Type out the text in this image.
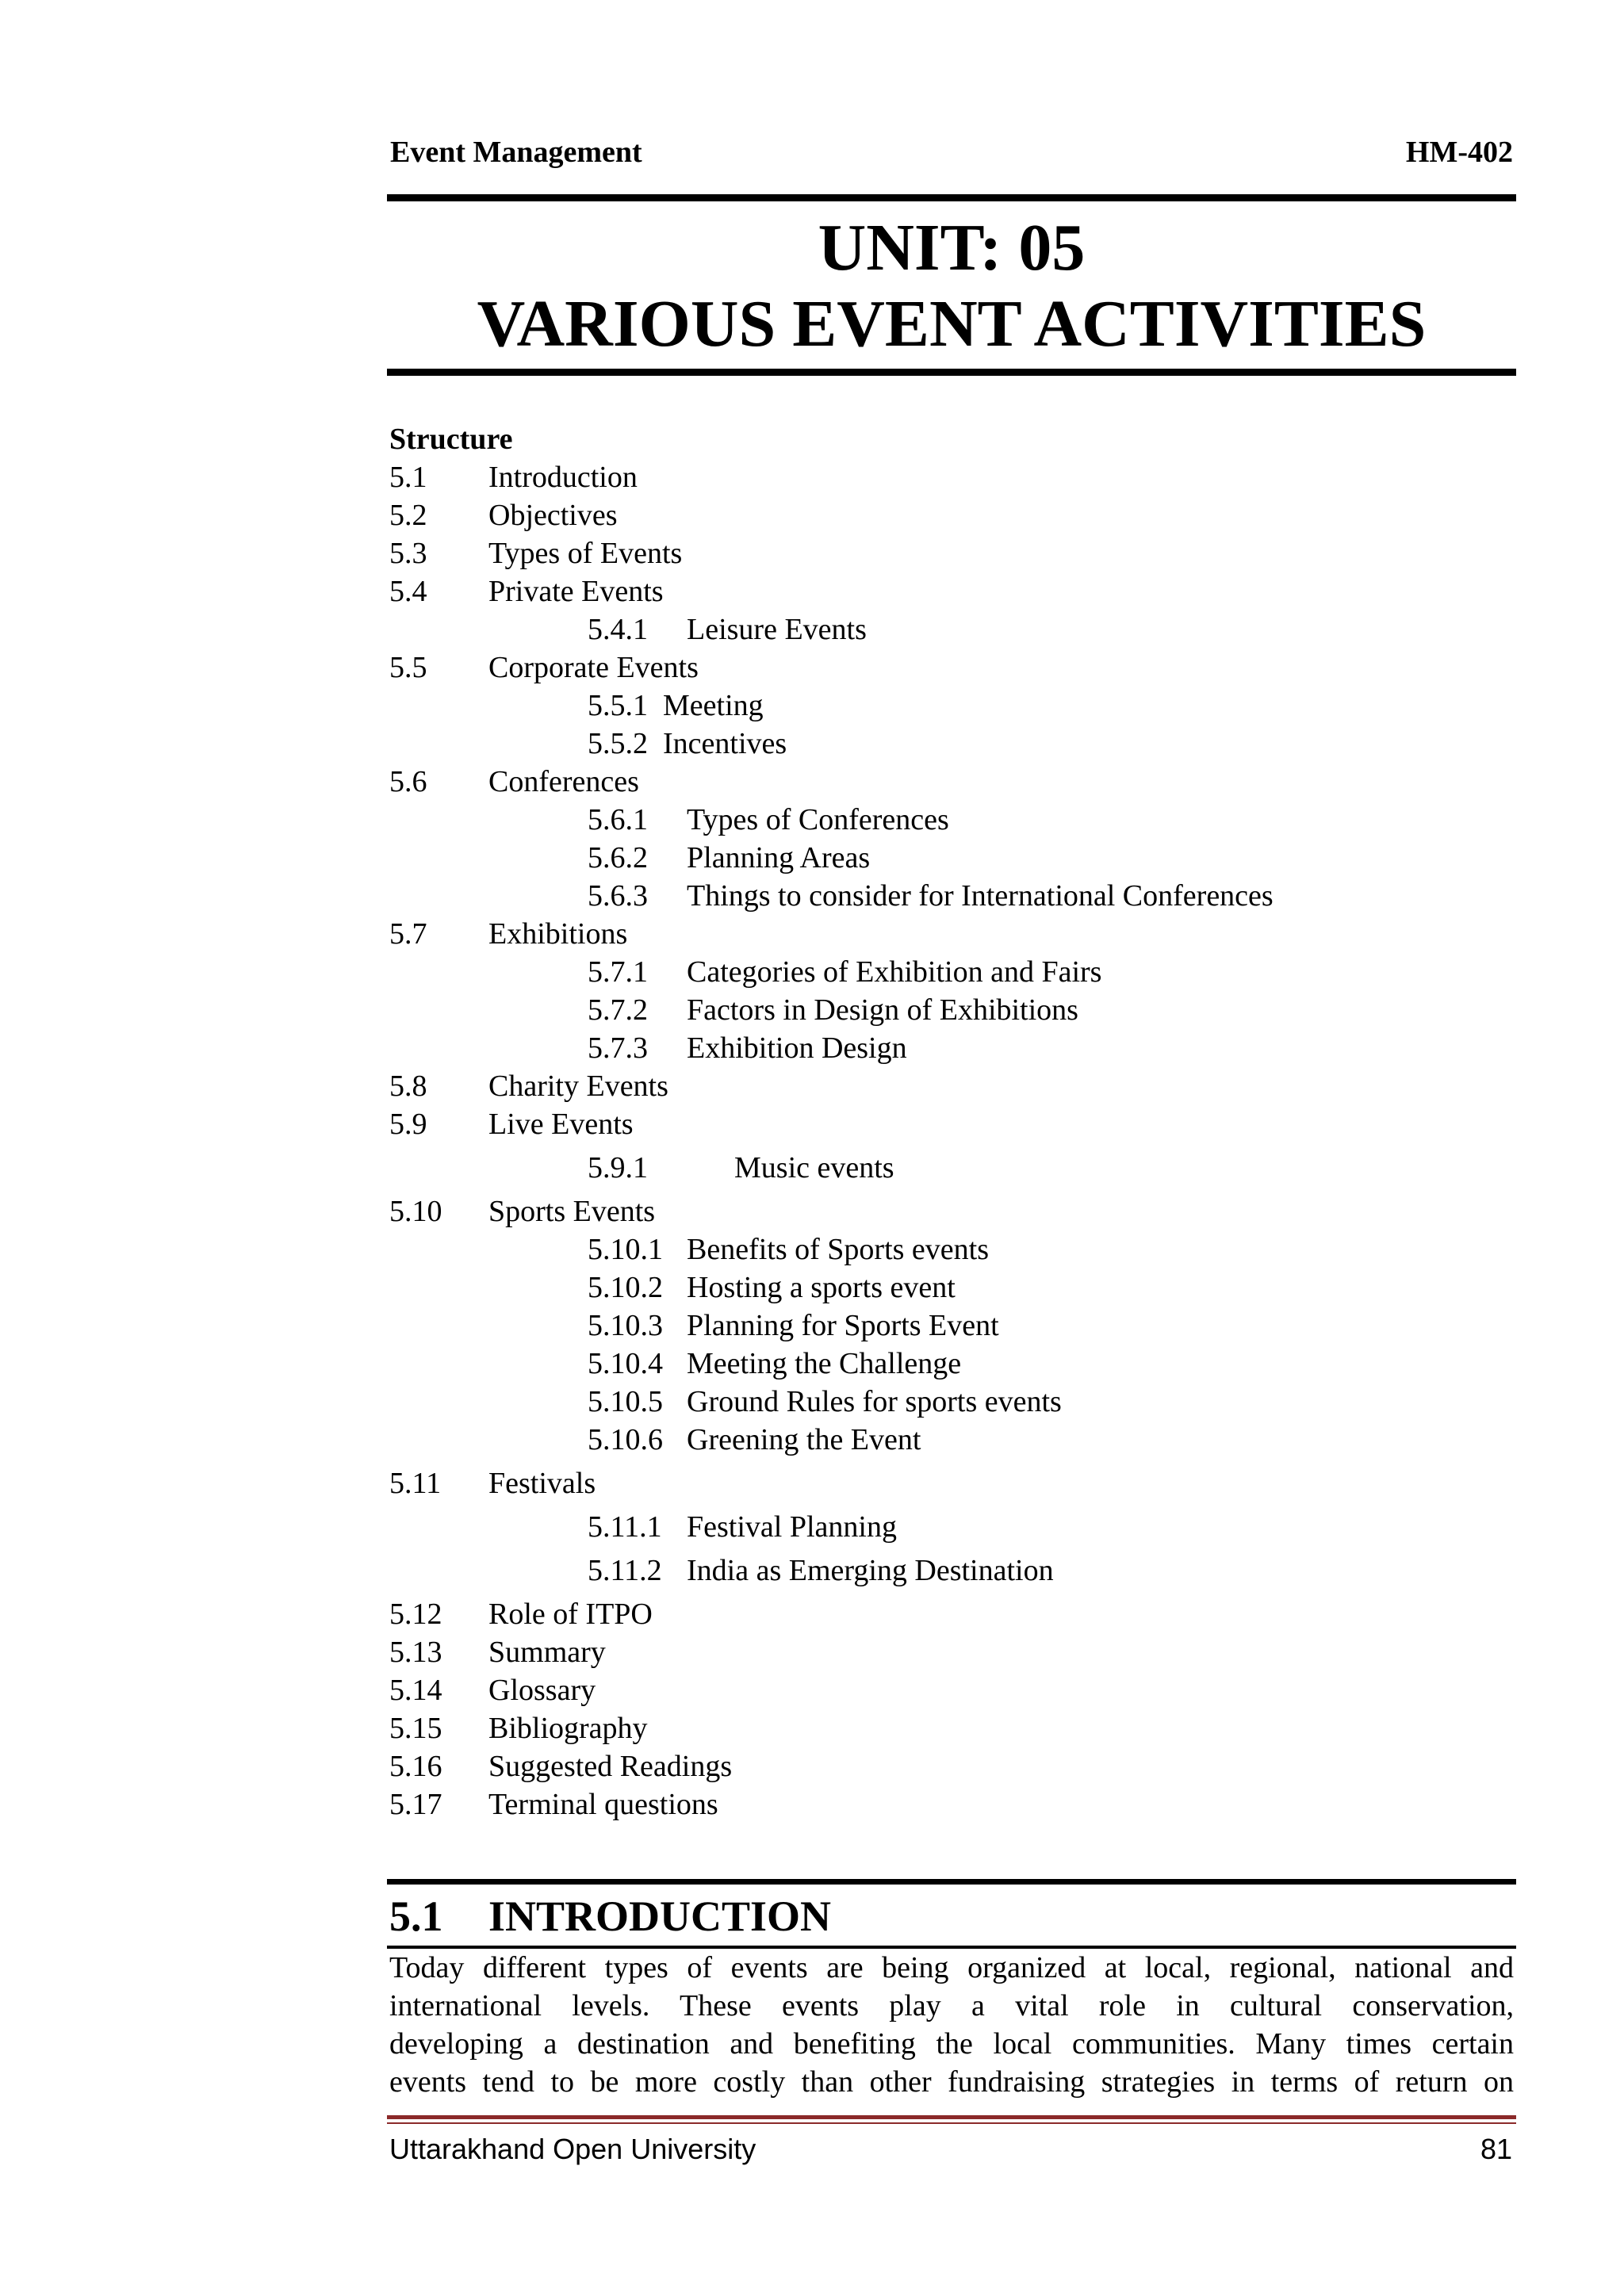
Event Management	HM-402
UNIT: 05
VARIOUS EVENT ACTIVITIES
Structure
5.1 Introduction
5.2 Objectives
5.3 Types of Events
5.4 Private Events
5.4.1 Leisure Events
5.5 Corporate Events
5.5.1 Meeting
5.5.2 Incentives
5.6 Conferences
5.6.1 Types of Conferences
5.6.2 Planning Areas
5.6.3 Things to consider for International Conferences
5.7 Exhibitions
5.7.1 Categories of Exhibition and Fairs
5.7.2 Factors in Design of Exhibitions
5.7.3 Exhibition Design
5.8 Charity Events
5.9 Live Events
5.9.1	Music events
5.10 Sports Events
5.10.1 Benefits of Sports events
5.10.2 Hosting a sports event
5.10.3 Planning for Sports Event
5.10.4 Meeting the Challenge
5.10.5 Ground Rules for sports events
5.10.6 Greening the Event
5.11 Festivals
5.11.1 Festival Planning
5.11.2 India as Emerging Destination
5.12 Role of ITPO
5.13 Summary
5.14 Glossary
5.15 Bibliography
5.16 Suggested Readings
5.17 Terminal questions
5.1 INTRODUCTION
Today different types of events are being organized at local, regional, national and
international levels. These events play a vital role in cultural conservation,
developing a destination and benefiting the local communities. Many times certain
events tend to be more costly than other fundraising strategies in terms of return on
Uttarakhand Open University	81
